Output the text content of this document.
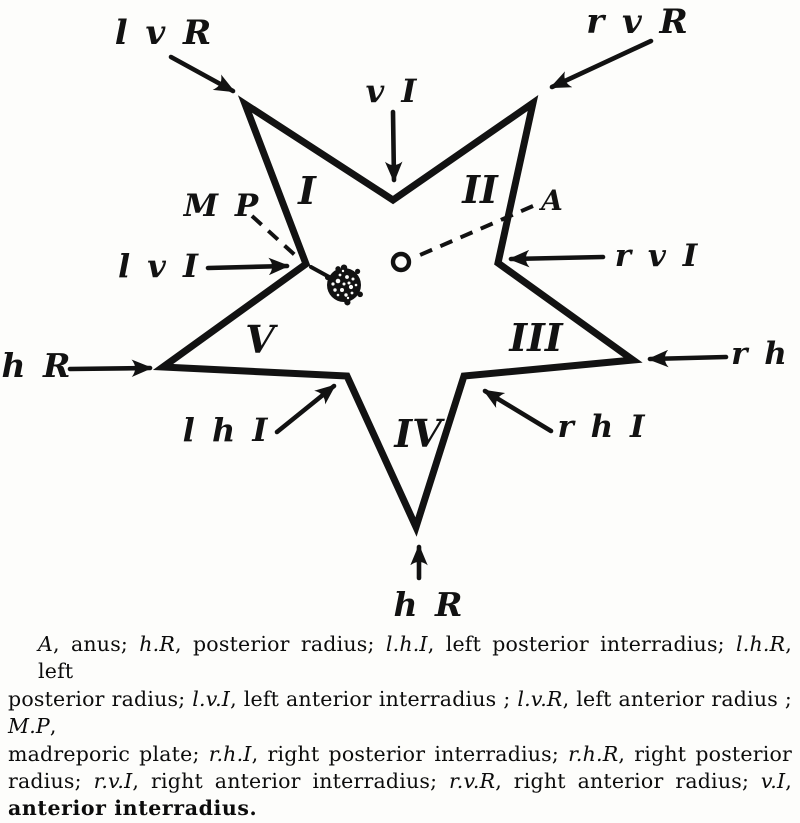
l v R	r v R
v I
M P	A
l v I	r v I
h R	r h
l h I	r h I
h R
I	II
III
IV
V
A, anus; h.R, posterior radius; l.h.I, left posterior interradius; l.h.R, left
posterior radius; l.v.I, left anterior interradius ; l.v.R, left anterior radius ; M.P,
madreporic plate; r.h.I, right posterior interradius; r.h.R, right posterior
radius; r.v.I, right anterior interradius; r.v.R, right anterior radius; v.I,
anterior interradius.
